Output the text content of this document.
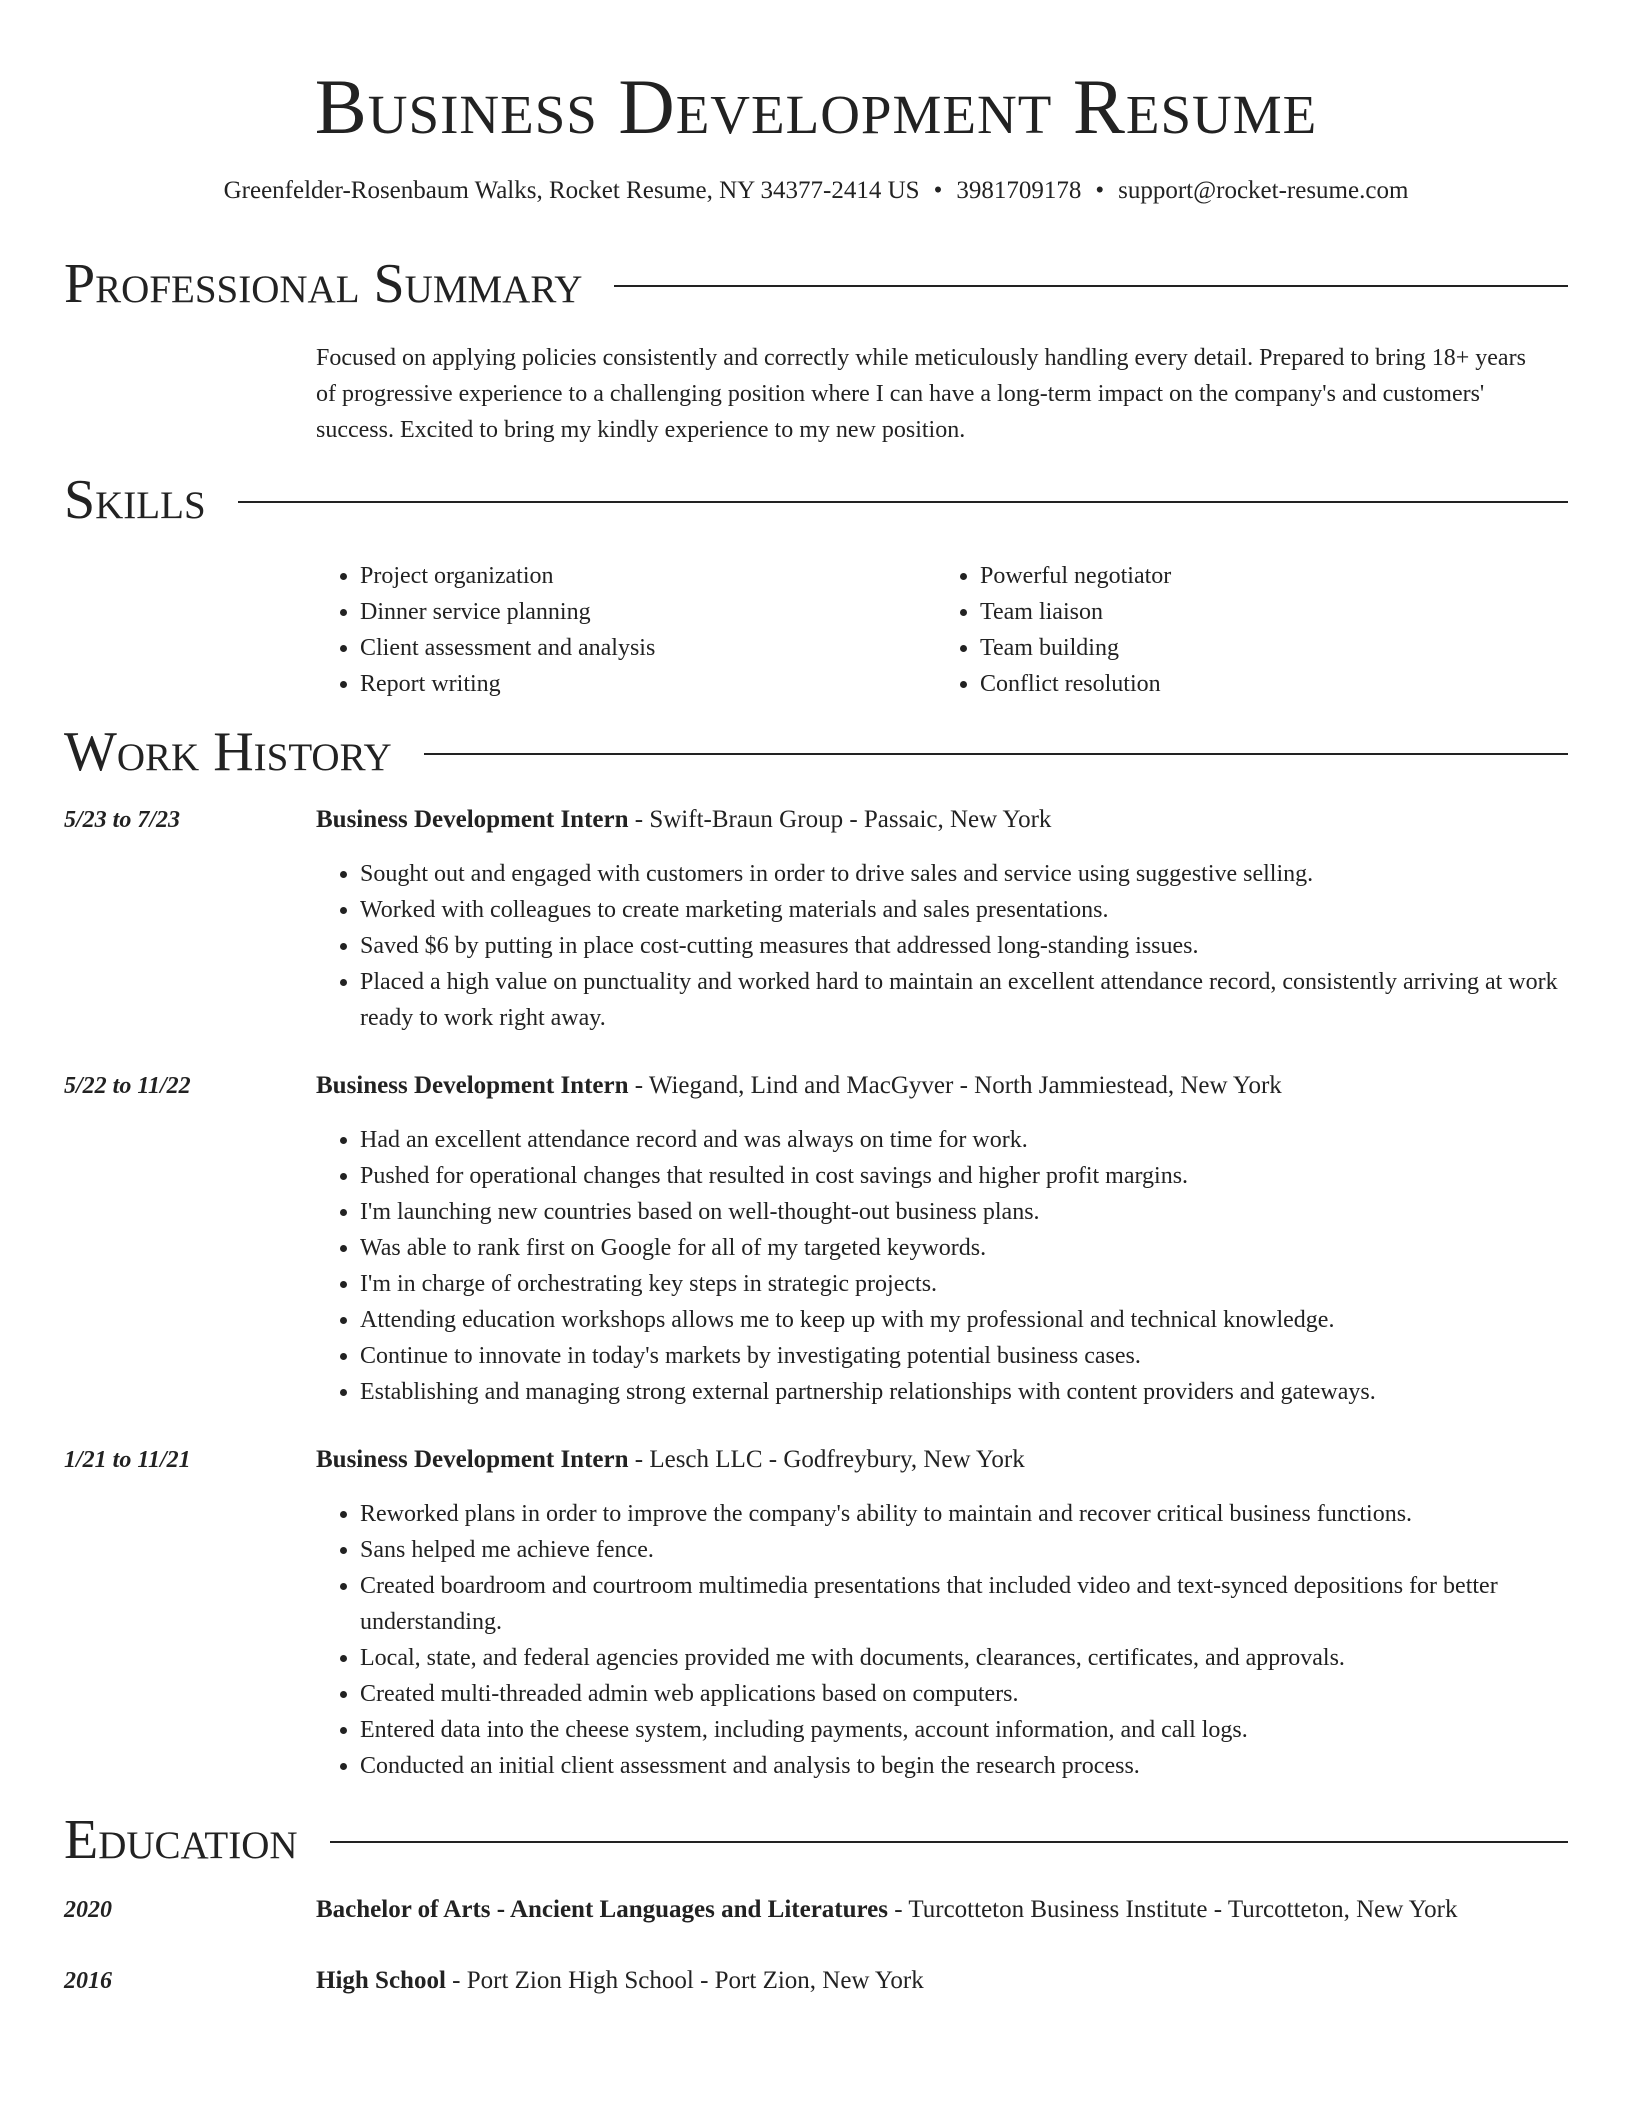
Business Development Resume
Greenfelder-Rosenbaum Walks, Rocket Resume, NY 34377-2414 US • 3981709178 • support@rocket-resume.com
Professional Summary
Focused on applying policies consistently and correctly while meticulously handling every detail. Prepared to bring 18+ years of progressive experience to a challenging position where I can have a long-term impact on the company's and customers' success. Excited to bring my kindly experience to my new position.
Skills
• Project organization
• Dinner service planning
• Client assessment and analysis
• Report writing
• Powerful negotiator
• Team liaison
• Team building
• Conflict resolution
Work History
5/23 to 7/23	Business Development Intern - Swift-Braun Group - Passaic, New York
• Sought out and engaged with customers in order to drive sales and service using suggestive selling.
• Worked with colleagues to create marketing materials and sales presentations.
• Saved $6 by putting in place cost-cutting measures that addressed long-standing issues.
• Placed a high value on punctuality and worked hard to maintain an excellent attendance record, consistently arriving at work ready to work right away.
5/22 to 11/22	Business Development Intern - Wiegand, Lind and MacGyver - North Jammiestead, New York
• Had an excellent attendance record and was always on time for work.
• Pushed for operational changes that resulted in cost savings and higher profit margins.
• I'm launching new countries based on well-thought-out business plans.
• Was able to rank first on Google for all of my targeted keywords.
• I'm in charge of orchestrating key steps in strategic projects.
• Attending education workshops allows me to keep up with my professional and technical knowledge.
• Continue to innovate in today's markets by investigating potential business cases.
• Establishing and managing strong external partnership relationships with content providers and gateways.
1/21 to 11/21	Business Development Intern - Lesch LLC - Godfreybury, New York
• Reworked plans in order to improve the company's ability to maintain and recover critical business functions.
• Sans helped me achieve fence.
• Created boardroom and courtroom multimedia presentations that included video and text-synced depositions for better understanding.
• Local, state, and federal agencies provided me with documents, clearances, certificates, and approvals.
• Created multi-threaded admin web applications based on computers.
• Entered data into the cheese system, including payments, account information, and call logs.
• Conducted an initial client assessment and analysis to begin the research process.
Education
2020	Bachelor of Arts - Ancient Languages and Literatures - Turcotteton Business Institute - Turcotteton, New York
2016	High School - Port Zion High School - Port Zion, New York
